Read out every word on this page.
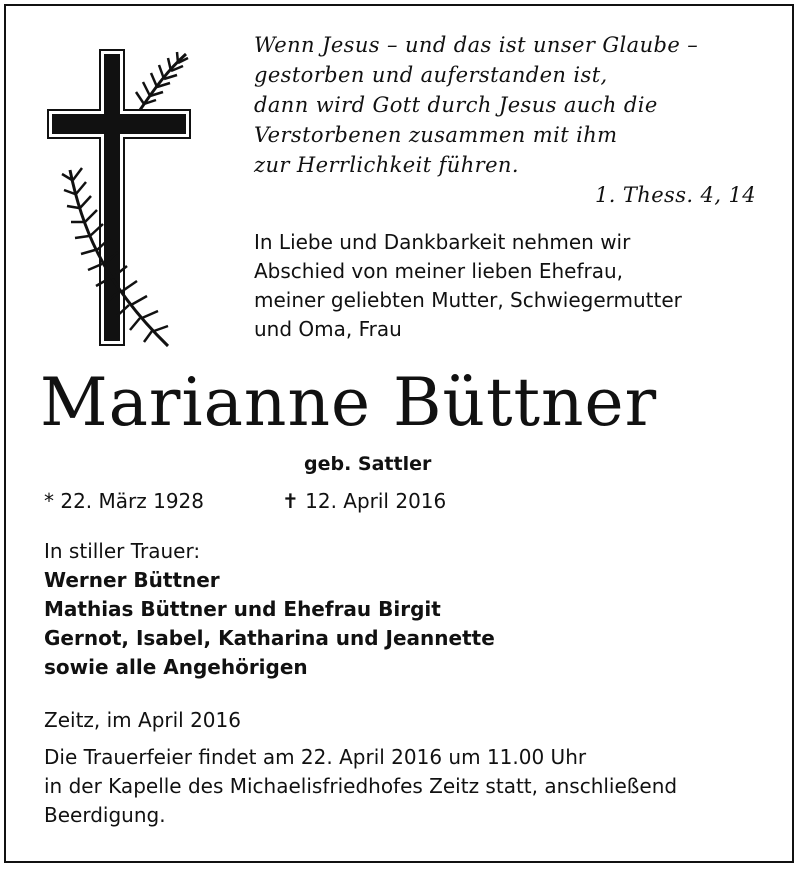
Wenn Jesus – und das ist unser Glaube –
gestorben und auferstanden ist,
dann wird Gott durch Jesus auch die
Verstorbenen zusammen mit ihm
zur Herrlichkeit führen.
1. Thess. 4, 14
In Liebe und Dankbarkeit nehmen wir
Abschied von meiner lieben Ehefrau,
meiner geliebten Mutter, Schwiegermutter
und Oma, Frau
Marianne Büttner
geb. Sattler
* 22. März 1928	✝ 12. April 2016
In stiller Trauer:
Werner Büttner
Mathias Büttner und Ehefrau Birgit
Gernot, Isabel, Katharina und Jeannette
sowie alle Angehörigen
Zeitz, im April 2016
Die Trauerfeier findet am 22. April 2016 um 11.00 Uhr
in der Kapelle des Michaelisfriedhofes Zeitz statt, anschließend
Beerdigung.
